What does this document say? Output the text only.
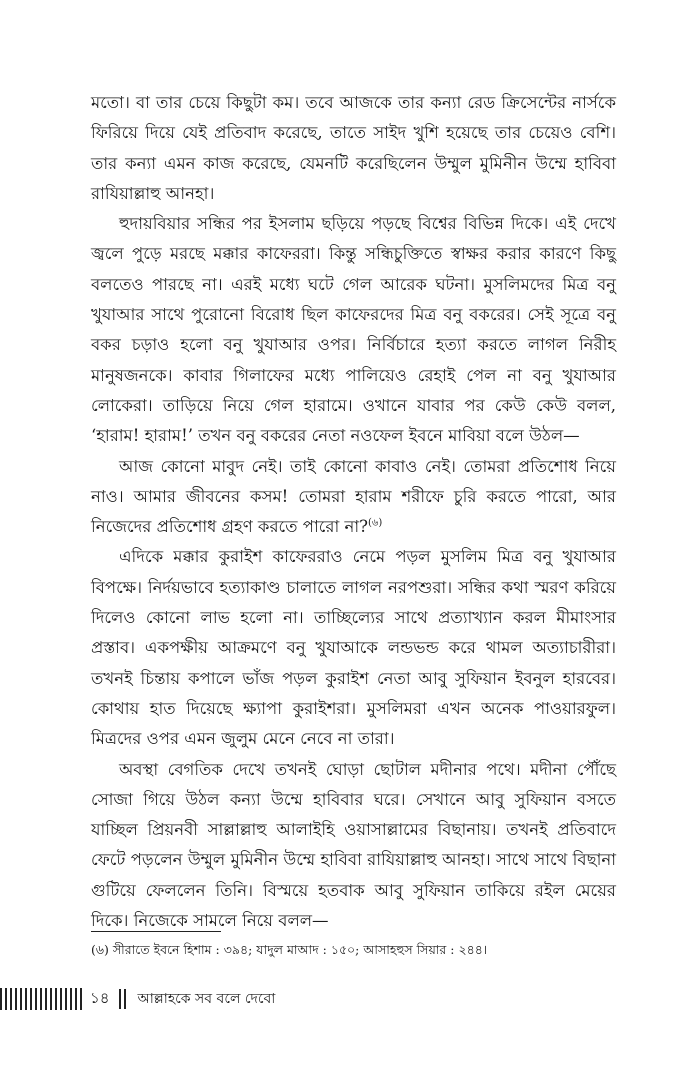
মতো। বা তার চেয়ে কিছুটা কম। তবে আজকে তার কন্যা রেড ক্রিসেন্টের নার্সকে ফিরিয়ে দিয়ে যেই প্রতিবাদ করেছে, তাতে সাইদ খুশি হয়েছে তার চেয়েও বেশি। তার কন্যা এমন কাজ করেছে, যেমনটি করেছিলেন উম্মুল মুমিনীন উম্মে হাবিবা রাযিয়াল্লাহু আনহা।

হুদায়বিয়ার সন্ধির পর ইসলাম ছড়িয়ে পড়ছে বিশ্বের বিভিন্ন দিকে। এই দেখে জ্বলে পুড়ে মরছে মক্কার কাফেররা। কিন্তু সন্ধিচুক্তিতে স্বাক্ষর করার কারণে কিছু বলতেও পারছে না। এরই মধ্যে ঘটে গেল আরেক ঘটনা। মুসলিমদের মিত্র বনু খুযাআর সাথে পুরোনো বিরোধ ছিল কাফেরদের মিত্র বনু বকরের। সেই সূত্রে বনু বকর চড়াও হলো বনু খুযাআর ওপর। নির্বিচারে হত্যা করতে লাগল নিরীহ মানুষজনকে। কাবার গিলাফের মধ্যে পালিয়েও রেহাই পেল না বনু খুযাআর লোকেরা। তাড়িয়ে নিয়ে গেল হারামে। ওখানে যাবার পর কেউ কেউ বলল, ‘হারাম! হারাম!’ তখন বনু বকরের নেতা নওফেল ইবনে মাবিয়া বলে উঠল—

আজ কোনো মাবুদ নেই। তাই কোনো কাবাও নেই। তোমরা প্রতিশোধ নিয়ে নাও। আমার জীবনের কসম! তোমরা হারাম শরীফে চুরি করতে পারো, আর নিজেদের প্রতিশোধ গ্রহণ করতে পারো না?$^{(৬)}$

এদিকে মক্কার কুরাইশ কাফেররাও নেমে পড়ল মুসলিম মিত্র বনু খুযাআর বিপক্ষে। নির্দয়ভাবে হত্যাকাণ্ড চালাতে লাগল নরপশুরা। সন্ধির কথা স্মরণ করিয়ে দিলেও কোনো লাভ হলো না। তাচ্ছিল্যের সাথে প্রত্যাখ্যান করল মীমাংসার প্রস্তাব। একপক্ষীয় আক্রমণে বনু খুযাআকে লন্ডভন্ড করে থামল অত্যাচারীরা। তখনই চিন্তায় কপালে ভাঁজ পড়ল কুরাইশ নেতা আবু সুফিয়ান ইবনুল হারবের। কোথায় হাত দিয়েছে ক্ষ্যাপা কুরাইশরা। মুসলিমরা এখন অনেক পাওয়ারফুল। মিত্রদের ওপর এমন জুলুম মেনে নেবে না তারা।

অবস্থা বেগতিক দেখে তখনই ঘোড়া ছোটাল মদীনার পথে। মদীনা পৌঁছে সোজা গিয়ে উঠল কন্যা উম্মে হাবিবার ঘরে। সেখানে আবু সুফিয়ান বসতে যাচ্ছিল প্রিয়নবী সাল্লাল্লাহু আলাইহি ওয়াসাল্লামের বিছানায়। তখনই প্রতিবাদে ফেটে পড়লেন উম্মুল মুমিনীন উম্মে হাবিবা রাযিয়াল্লাহু আনহা। সাথে সাথে বিছানা গুটিয়ে ফেললেন তিনি। বিস্ময়ে হতবাক আবু সুফিয়ান তাকিয়ে রইল মেয়ের দিকে। নিজেকে সামলে নিয়ে বলল—

(৬) সীরাতে ইবনে হিশাম : ৩৯৪; যাদুল মাআদ : ১৫০; আসাহহুস সিয়ার : ২৪৪।
১৪ আল্লাহকে সব বলে দেবো
